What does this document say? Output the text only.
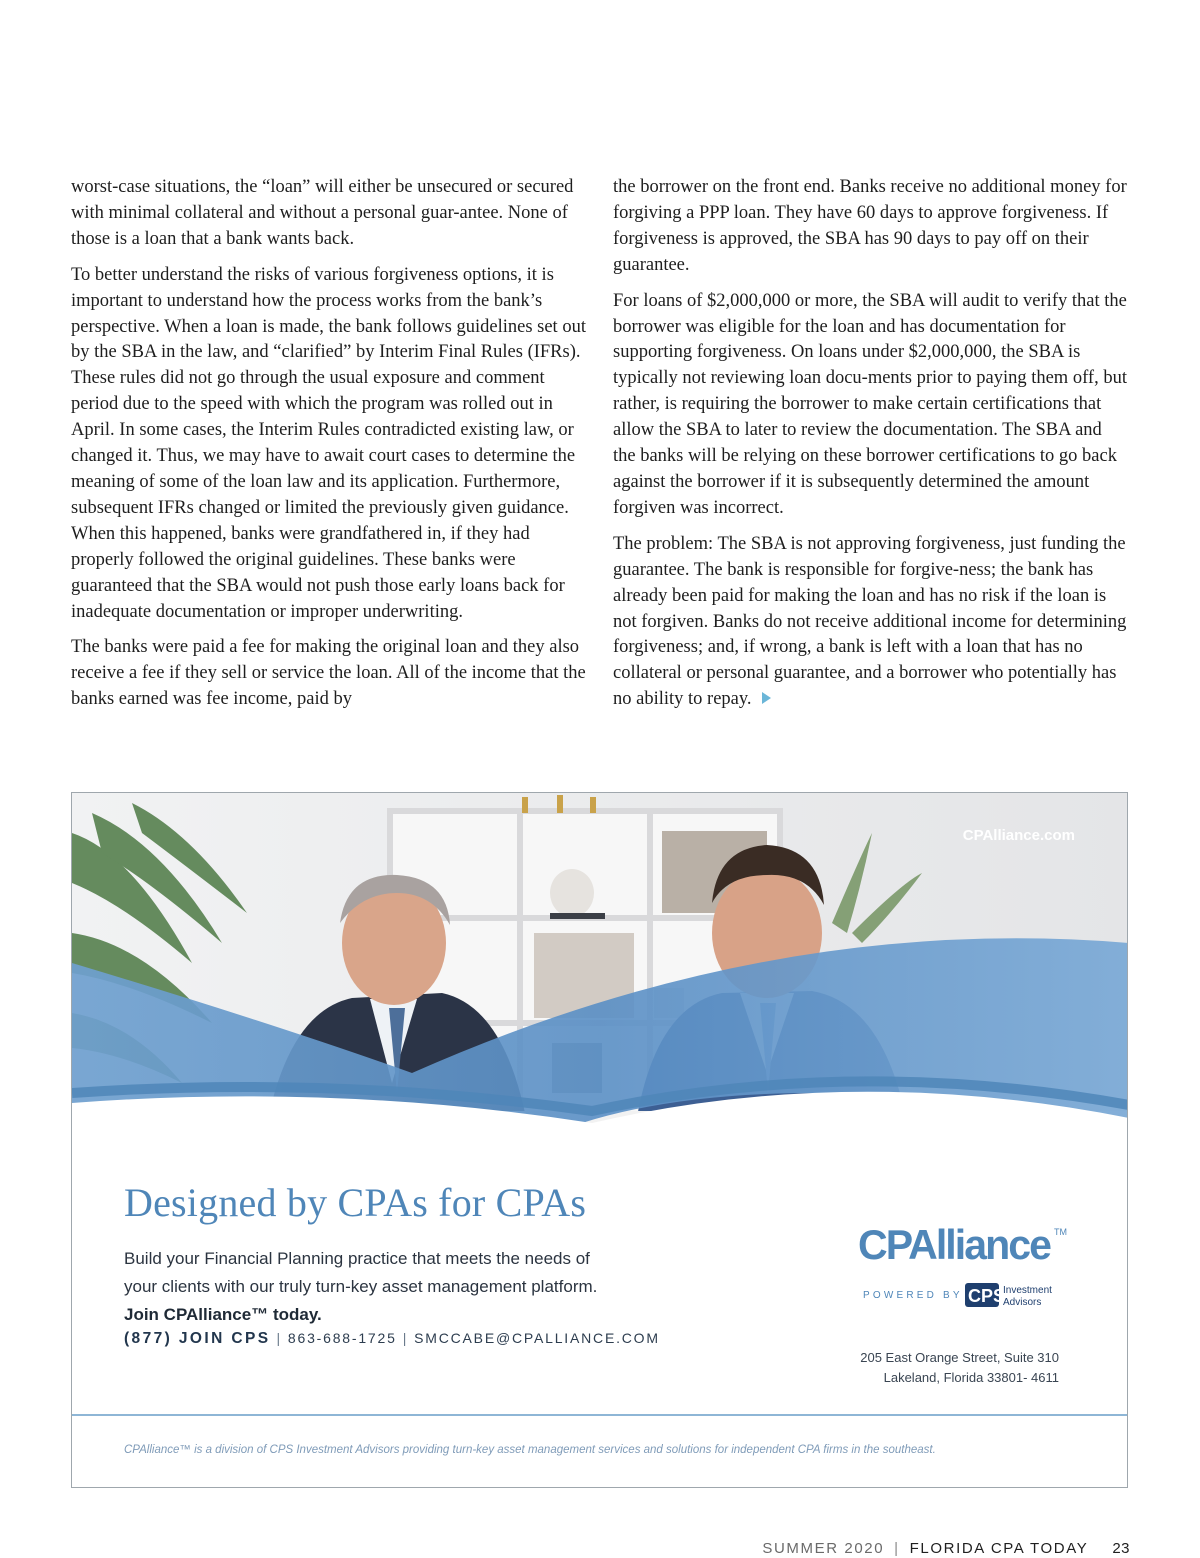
worst-case situations, the “loan” will either be unsecured or secured with minimal collateral and without a personal guar-antee. None of those is a loan that a bank wants back.

To better understand the risks of various forgiveness options, it is important to understand how the process works from the bank’s perspective. When a loan is made, the bank follows guidelines set out by the SBA in the law, and “clarified” by Interim Final Rules (IFRs). These rules did not go through the usual exposure and comment period due to the speed with which the program was rolled out in April. In some cases, the Interim Rules contradicted existing law, or changed it. Thus, we may have to await court cases to determine the meaning of some of the loan law and its application. Furthermore, subsequent IFRs changed or limited the previously given guidance. When this happened, banks were grandfathered in, if they had properly followed the original guidelines. These banks were guaranteed that the SBA would not push those early loans back for inadequate documentation or improper underwriting.

The banks were paid a fee for making the original loan and they also receive a fee if they sell or service the loan. All of the income that the banks earned was fee income, paid by

the borrower on the front end. Banks receive no additional money for forgiving a PPP loan. They have 60 days to approve forgiveness. If forgiveness is approved, the SBA has 90 days to pay off on their guarantee.

For loans of $2,000,000 or more, the SBA will audit to verify that the borrower was eligible for the loan and has documentation for supporting forgiveness. On loans under $2,000,000, the SBA is typically not reviewing loan docu-ments prior to paying them off, but rather, is requiring the borrower to make certain certifications that allow the SBA to later to review the documentation. The SBA and the banks will be relying on these borrower certifications to go back against the borrower if it is subsequently determined the amount forgiven was incorrect.

The problem: The SBA is not approving forgiveness, just funding the guarantee. The bank is responsible for forgive-ness; the bank has already been paid for making the loan and has no risk if the loan is not forgiven. Banks do not receive additional income for determining forgiveness; and, if wrong, a bank is left with a loan that has no collateral or personal guarantee, and a borrower who potentially has no ability to repay.

CPAlliance.com
Designed by CPAs for CPAs
Build your Financial Planning practice that meets the needs of
your clients with our truly turn-key asset management platform.
Join CPAlliance™ today.
(877) JOIN CPS | 863-688-1725 | SMCCABE@CPALLIANCE.COM
CPAlliance TM
POWERED BY CPS
Investment
Advisors
205 East Orange Street, Suite 310
Lakeland, Florida 33801- 4611
CPAlliance™ is a division of CPS Investment Advisors providing turn-key asset management services and solutions for independent CPA firms in the southeast.
SUMMER 2020 | FLORIDA CPA TODAY 23
